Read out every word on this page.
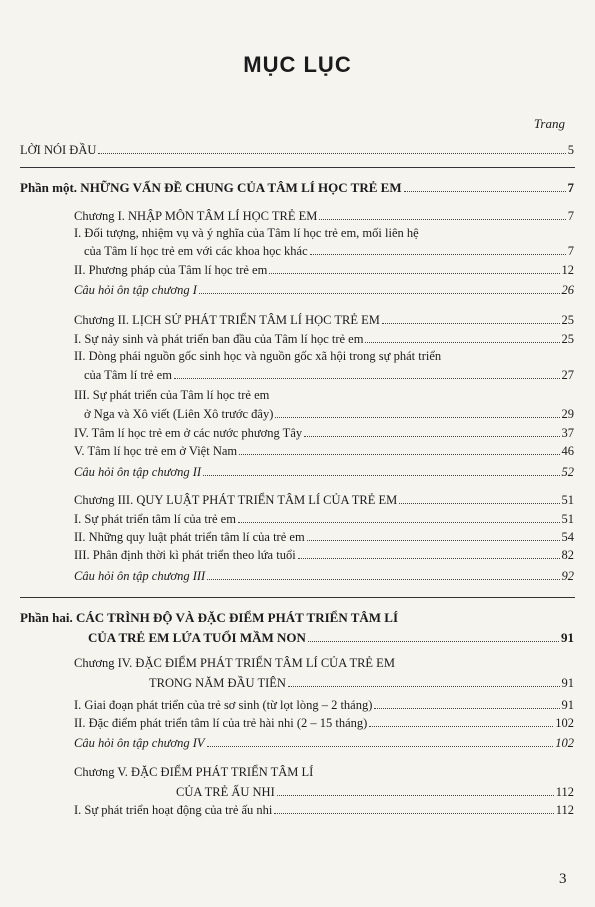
MỤC LỤC
Trang
LỜI NÓI ĐẦU	5
Phần một. NHỮNG VẤN ĐỀ CHUNG CỦA TÂM LÍ HỌC TRẺ EM	7
Chương I. NHẬP MÔN TÂM LÍ HỌC TRẺ EM	7
I. Đối tượng, nhiệm vụ và ý nghĩa của Tâm lí học trẻ em, mối liên hệ
của Tâm lí học trẻ em với các khoa học khác	7
II. Phương pháp của Tâm lí học trẻ em	12
Câu hỏi ôn tập chương I	26
Chương II. LỊCH SỬ PHÁT TRIỂN TÂM LÍ HỌC TRẺ EM	25
I. Sự nảy sinh và phát triển ban đầu của Tâm lí học trẻ em	25
II. Dòng phái nguồn gốc sinh học và nguồn gốc xã hội trong sự phát triển
của Tâm lí trẻ em	27
III. Sự phát triển của Tâm lí học trẻ em
ở Nga và Xô viết (Liên Xô trước đây)	29
IV. Tâm lí học trẻ em ở các nước phương Tây	37
V. Tâm lí học trẻ em ở Việt Nam	46
Câu hỏi ôn tập chương II	52
Chương III. QUY LUẬT PHÁT TRIỂN TÂM LÍ CỦA TRẺ EM	51
I. Sự phát triển tâm lí của trẻ em	51
II. Những quy luật phát triển tâm lí của trẻ em	54
III. Phân định thời kì phát triển theo lứa tuổi	82
Câu hỏi ôn tập chương III	92
Phần hai. CÁC TRÌNH ĐỘ VÀ ĐẶC ĐIỂM PHÁT TRIỂN TÂM LÍ
CỦA TRẺ EM LỨA TUỔI MẦM NON	91
Chương IV. ĐẶC ĐIỂM PHÁT TRIỂN TÂM LÍ CỦA TRẺ EM
TRONG NĂM ĐẦU TIÊN	91
I. Giai đoạn phát triển của trẻ sơ sinh (từ lọt lòng – 2 tháng)	91
II. Đặc điểm phát triển tâm lí của trẻ hài nhi (2 – 15 tháng)	102
Câu hỏi ôn tập chương IV	102
Chương V. ĐẶC ĐIỂM PHÁT TRIỂN TÂM LÍ
CỦA TRẺ ẤU NHI	112
I. Sự phát triển hoạt động của trẻ ấu nhi	112
3
